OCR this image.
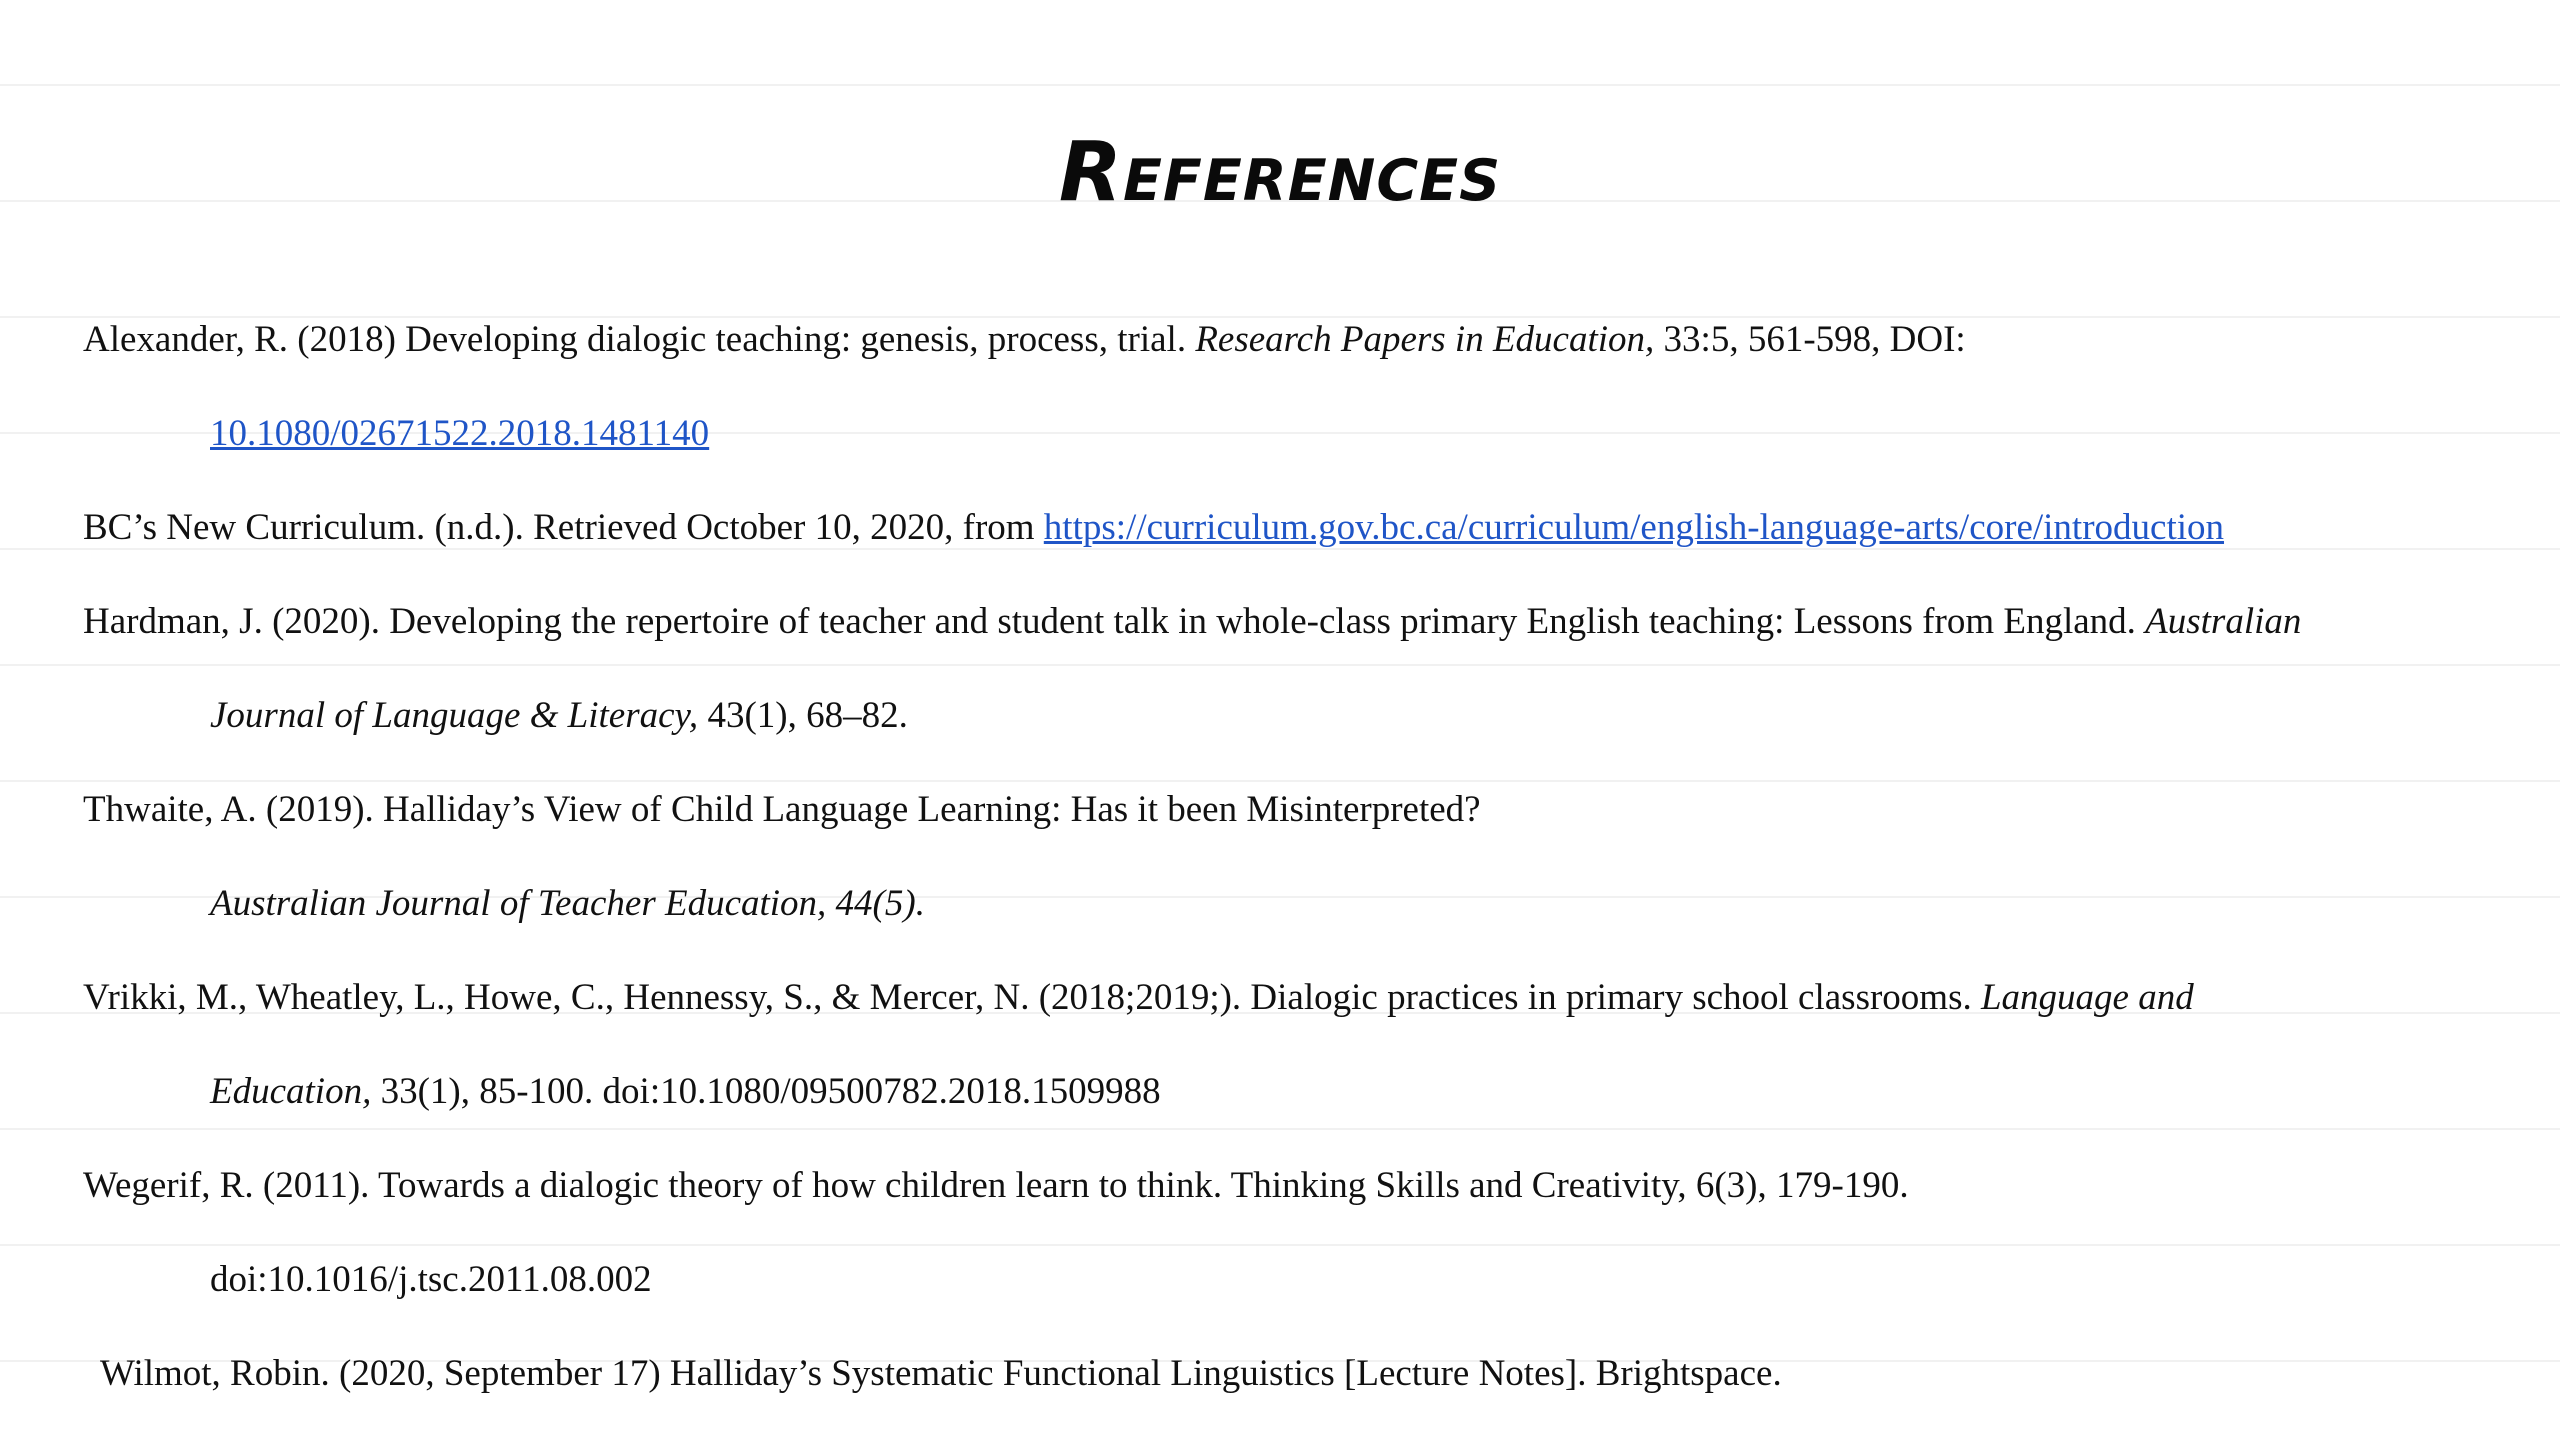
References
Alexander, R. (2018) Developing dialogic teaching: genesis, process, trial. Research Papers in Education, 33:5, 561-598, DOI:
10.1080/02671522.2018.1481140
BC’s New Curriculum. (n.d.). Retrieved October 10, 2020, from https://curriculum.gov.bc.ca/curriculum/english-language-arts/core/introduction
Hardman, J. (2020). Developing the repertoire of teacher and student talk in whole-class primary English teaching: Lessons from England. Australian
Journal of Language & Literacy, 43(1), 68–82.
Thwaite, A. (2019). Halliday’s View of Child Language Learning: Has it been Misinterpreted?
Australian Journal of Teacher Education, 44(5).
Vrikki, M., Wheatley, L., Howe, C., Hennessy, S., & Mercer, N. (2018;2019;). Dialogic practices in primary school classrooms. Language and
Education, 33(1), 85-100. doi:10.1080/09500782.2018.1509988
Wegerif, R. (2011). Towards a dialogic theory of how children learn to think. Thinking Skills and Creativity, 6(3), 179-190.
doi:10.1016/j.tsc.2011.08.002
Wilmot, Robin. (2020, September 17) Halliday’s Systematic Functional Linguistics [Lecture Notes]. Brightspace.
